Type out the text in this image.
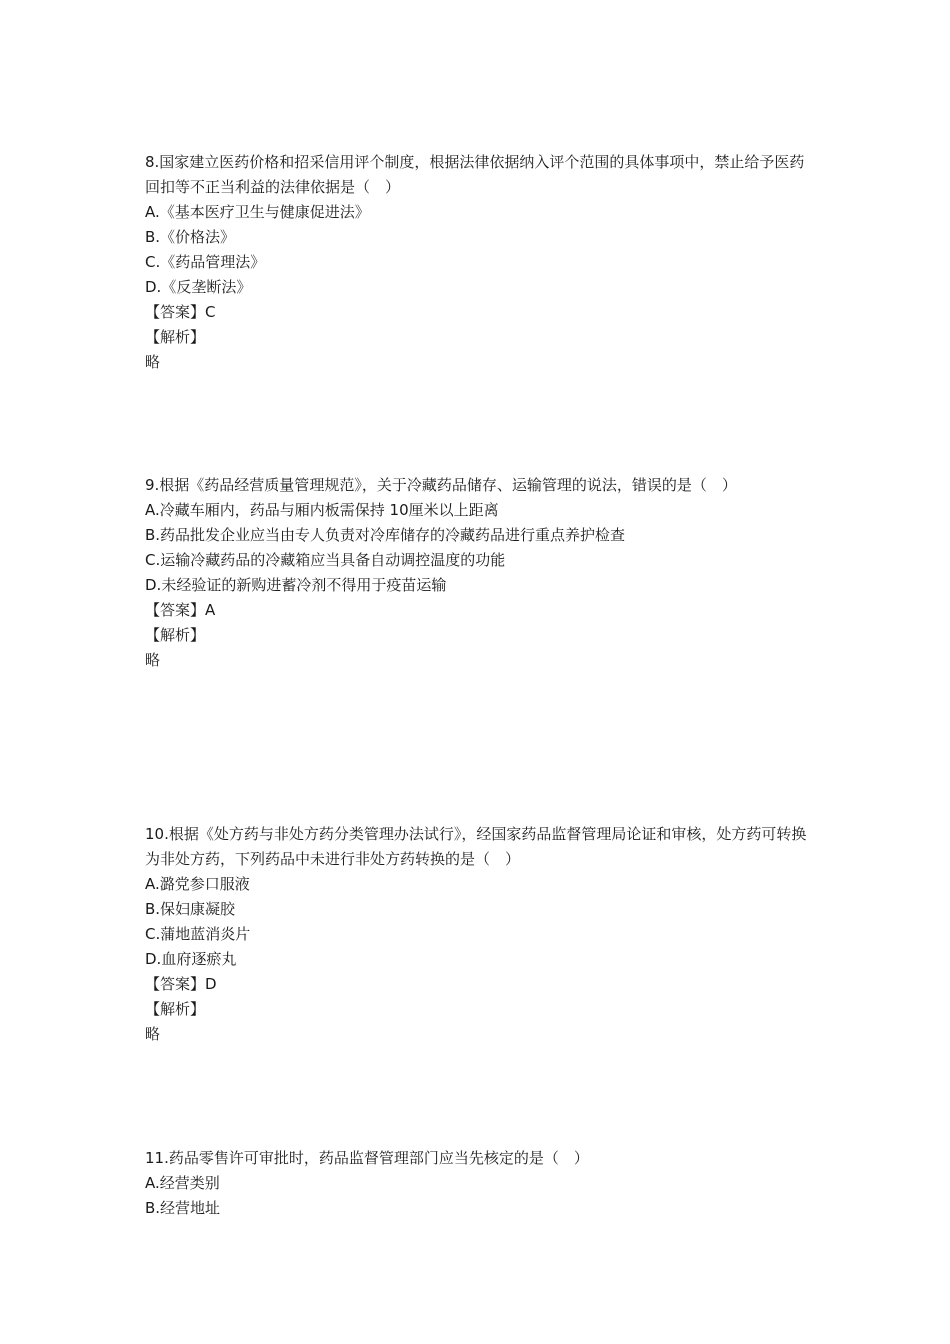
8.国家建立医药价格和招采信用评个制度，根据法律依据纳入评个范围的具体事项中，禁止给予医药回扣等不正当利益的法律依据是（　）
A.《基本医疗卫生与健康促进法》
B.《价格法》
C.《药品管理法》
D.《反垄断法》
【答案】C
【解析】
略
9.根据《药品经营质量管理规范》，关于冷藏药品储存、运输管理的说法，错误的是（　）
A.冷藏车厢内，药品与厢内板需保持 10厘米以上距离
B.药品批发企业应当由专人负责对冷库储存的冷藏药品进行重点养护检查
C.运输冷藏药品的冷藏箱应当具备自动调控温度的功能
D.未经验证的新购进蓄冷剂不得用于疫苗运输
【答案】A
【解析】
略
10.根据《处方药与非处方药分类管理办法试行》，经国家药品监督管理局论证和审核，处方药可转换为非处方药，下列药品中未进行非处方药转换的是（　）
A.潞党参口服液
B.保妇康凝胶
C.蒲地蓝消炎片
D.血府逐瘀丸
【答案】D
【解析】
略
11.药品零售许可审批时，药品监督管理部门应当先核定的是（　）
A.经营类别
B.经营地址
